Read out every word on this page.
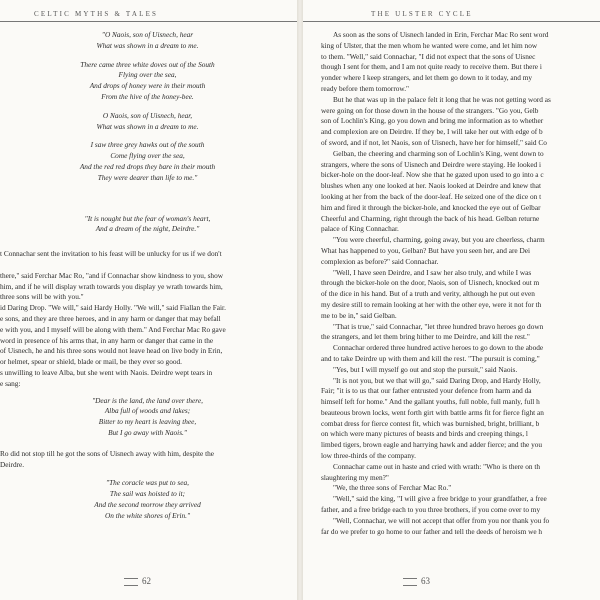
CELTIC MYTHS & TALES
"O Naois, son of Uisnech, hear
What was shown in a dream to me.
There came three white doves out of the South
Flying over the sea,
And drops of honey were in their mouth
From the hive of the honey-bee.
O Naois, son of Uisnech, hear,
What was shown in a dream to me.
I saw three grey hawks out of the south
Come flying over the sea,
And the red red drops they bare in their mouth
They were dearer than life to me."
"It is nought but the fear of woman's heart,
And a dream of the night, Deirdre."
t Connachar sent the invitation to his feast will be unlucky for us if we don't

there," said Ferchar Mac Ro, "and if Connachar show kindness to you, show
him, and if he will display wrath towards you display ye wrath towards him,
three sons will be with you."
id Daring Drop. "We will," said Hardy Holly. "We will," said Fiallan the Fair.
e sons, and they are three heroes, and in any harm or danger that may befall
e with you, and I myself will be along with them." And Ferchar Mac Ro gave
word in presence of his arms that, in any harm or danger that came in the
of Uisnech, he and his three sons would not leave head on live body in Erin,
or helmet, spear or shield, blade or mail, be they ever so good.
s unwilling to leave Alba, but she went with Naois. Deirdre wept tears in
e sang:
"Dear is the land, the land over there,
Alba full of woods and lakes;
Bitter to my heart is leaving thee,
But I go away with Naois."
Ro did not stop till he got the sons of Uisnech away with him, despite the
Deirdre.
"The coracle was put to sea,
The sail was hoisted to it;
And the second morrow they arrived
On the white shores of Erin."
62
THE ULSTER CYCLE
As soon as the sons of Uisnech landed in Erin, Ferchar Mac Ro sent word
king of Ulster, that the men whom he wanted were come, and let him now
to them. "Well," said Connachar, "I did not expect that the sons of Uisnec
though I sent for them, and I am not quite ready to receive them. But there i
yonder where I keep strangers, and let them go down to it today, and my
ready before them tomorrow."
But he that was up in the palace felt it long that he was not getting word as
were going on for those down in the house of the strangers. "Go you, Gelb
son of Lochlin's King, go you down and bring me information as to whether
and complexion are on Deirdre. If they be, I will take her out with edge of b
of sword, and if not, let Naois, son of Uisnech, have her for himself," said Co
Gelban, the cheering and charming son of Lochlin's King, went down to
strangers, where the sons of Uisnech and Deirdre were staying. He looked i
bicker-hole on the door-leaf. Now she that he gazed upon used to go into a c
blushes when any one looked at her. Naois looked at Deirdre and knew that
looking at her from the back of the door-leaf. He seized one of the dice on t
him and fired it through the bicker-hole, and knocked the eye out of Gelbar
Cheerful and Charming, right through the back of his head. Gelban returne
palace of King Connachar.
"You were cheerful, charming, going away, but you are cheerless, charm
What has happened to you, Gelban? But have you seen her, and are Dei
complexion as before?" said Connachar.
"Well, I have seen Deirdre, and I saw her also truly, and while I was
through the bicker-hole on the door, Naois, son of Uisnech, knocked out m
of the dice in his hand. But of a truth and verity, although he put out even
my desire still to remain looking at her with the other eye, were it not for th
me to be in," said Gelban.
"That is true," said Connachar, "let three hundred bravo heroes go down
the strangers, and let them bring hither to me Deirdre, and kill the rest."
Connachar ordered three hundred active heroes to go down to the abode
and to take Deirdre up with them and kill the rest. "The pursuit is coming,"
"Yes, but I will myself go out and stop the pursuit," said Naois.
"It is not you, but we that will go," said Daring Drop, and Hardy Holly,
Fair; "it is to us that our father entrusted your defence from harm and da
himself left for home." And the gallant youths, full noble, full manly, full h
beauteous brown locks, went forth girt with battle arms fit for fierce fight an
combat dress for fierce contest fit, which was burnished, bright, brilliant, b
on which were many pictures of beasts and birds and creeping things, l
limbed tigers, brown eagle and harrying hawk and adder fierce; and the you
low three-thirds of the company.
Connachar came out in haste and cried with wrath: "Who is there on th
slaughtering my men?"
"We, the three sons of Ferchar Mac Ro."
"Well," said the king, "I will give a free bridge to your grandfather, a free
father, and a free bridge each to you three brothers, if you come over to my
"Well, Connachar, we will not accept that offer from you nor thank you fo
far do we prefer to go home to our father and tell the deeds of heroism we h
63
